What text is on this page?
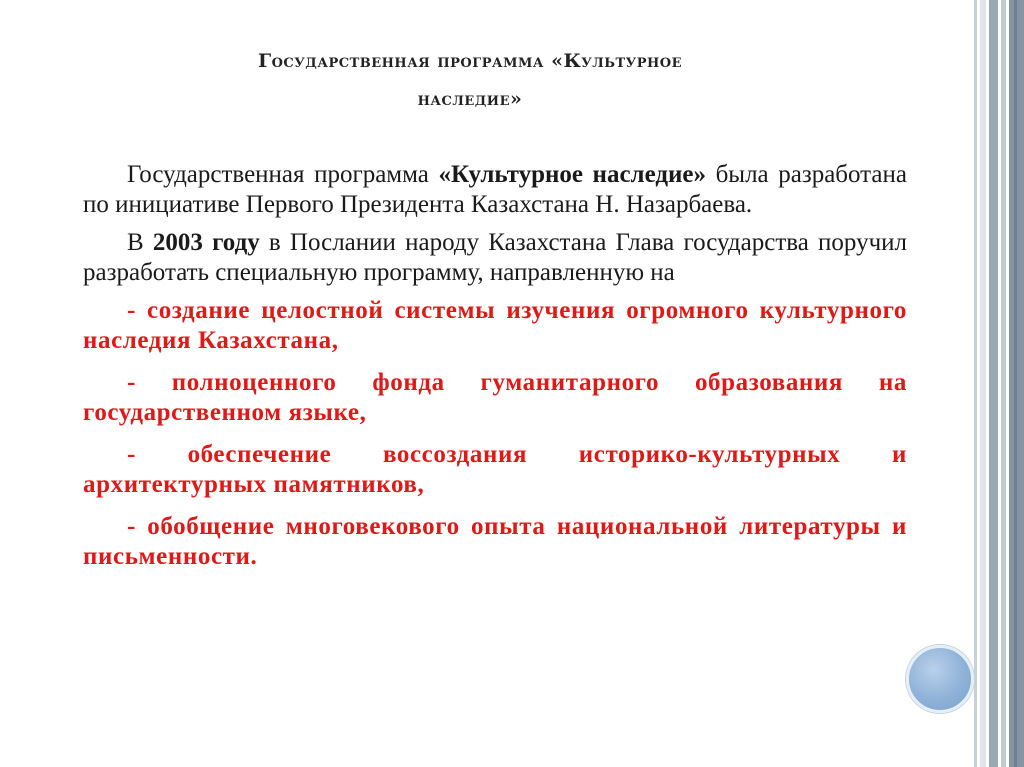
Государственная программа «Культурное
наследие»

Государственная программа «Культурное наследие» была разработана по инициативе Первого Президента Казахстана Н. Назарбаева.

В 2003 году в Послании народу Казахстана Глава государства поручил разработать специальную программу, направленную на

- создание целостной системы изучения огромного культурного наследия Казахстана,

- полноценного фонда гуманитарного образования на государственном языке,

- обеспечение воссоздания историко-культурных и архитектурных памятников,

- обобщение многовекового опыта национальной литературы и письменности.
